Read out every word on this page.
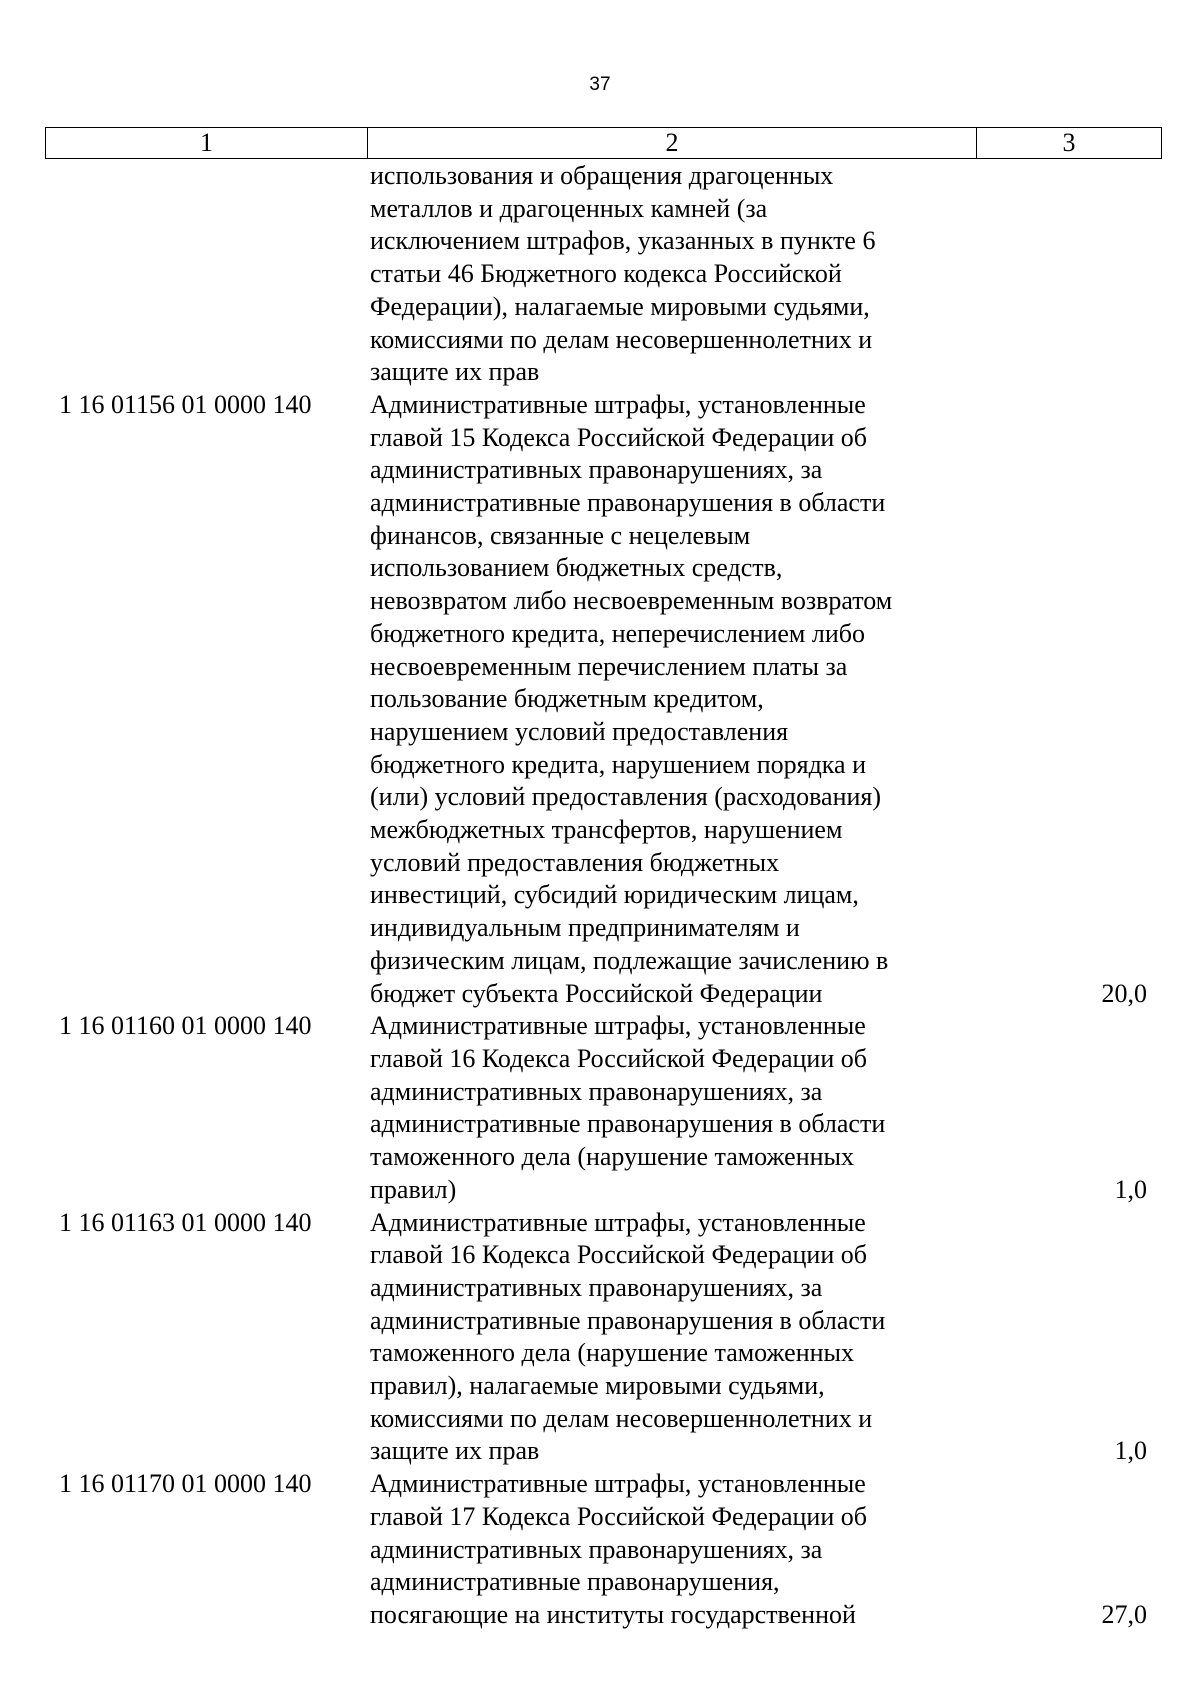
37
1	2	3
использования и обращения драгоценных
металлов и драгоценных камней (за
исключением штрафов, указанных в пункте 6
статьи 46 Бюджетного кодекса Российской
Федерации), налагаемые мировыми судьями,
комиссиями по делам несовершеннолетних и
защите их прав
1 16 01156 01 0000 140	Административные штрафы, установленные
главой 15 Кодекса Российской Федерации об
административных правонарушениях, за
административные правонарушения в области
финансов, связанные с нецелевым
использованием бюджетных средств,
невозвратом либо несвоевременным возвратом
бюджетного кредита, неперечислением либо
несвоевременным перечислением платы за
пользование бюджетным кредитом,
нарушением условий предоставления
бюджетного кредита, нарушением порядка и
(или) условий предоставления (расходования)
межбюджетных трансфертов, нарушением
условий предоставления бюджетных
инвестиций, субсидий юридическим лицам,
индивидуальным предпринимателям и
физическим лицам, подлежащие зачислению в
бюджет субъекта Российской Федерации	20,0
1 16 01160 01 0000 140	Административные штрафы, установленные
главой 16 Кодекса Российской Федерации об
административных правонарушениях, за
административные правонарушения в области
таможенного дела (нарушение таможенных
правил)	1,0
1 16 01163 01 0000 140	Административные штрафы, установленные
главой 16 Кодекса Российской Федерации об
административных правонарушениях, за
административные правонарушения в области
таможенного дела (нарушение таможенных
правил), налагаемые мировыми судьями,
комиссиями по делам несовершеннолетних и
защите их прав	1,0
1 16 01170 01 0000 140	Административные штрафы, установленные
главой 17 Кодекса Российской Федерации об
административных правонарушениях, за
административные правонарушения,
посягающие на институты государственной	27,0
